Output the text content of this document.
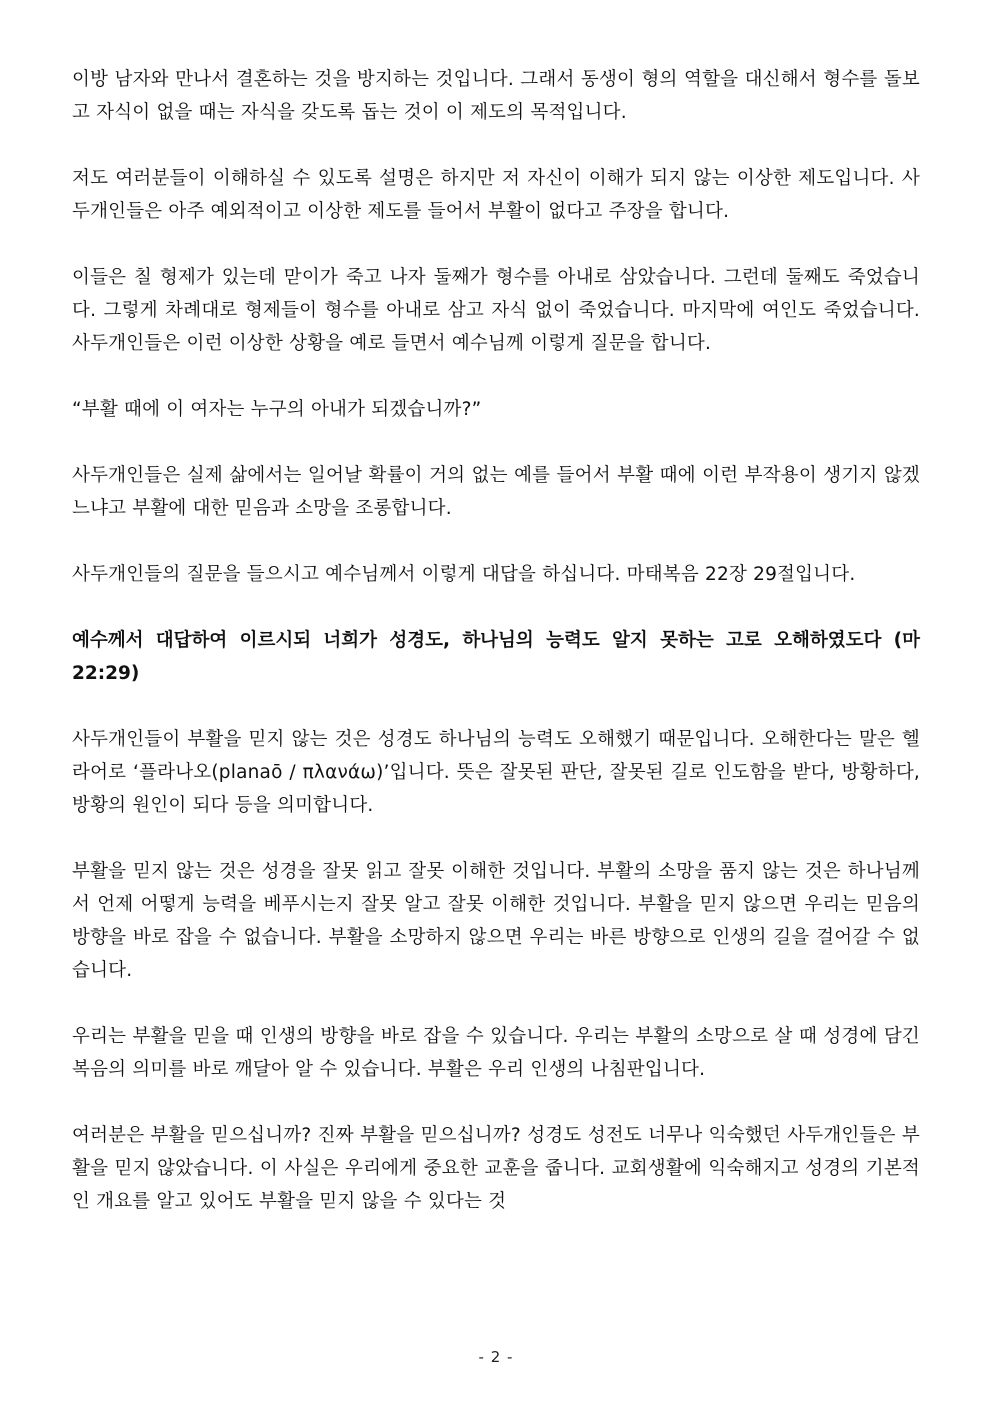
이방 남자와 만나서 결혼하는 것을 방지하는 것입니다. 그래서 동생이 형의 역할을 대신해서 형수를 돌보고 자식이 없을 때는 자식을 갖도록 돕는 것이 이 제도의 목적입니다.

저도 여러분들이 이해하실 수 있도록 설명은 하지만 저 자신이 이해가 되지 않는 이상한 제도입니다. 사두개인들은 아주 예외적이고 이상한 제도를 들어서 부활이 없다고 주장을 합니다.

이들은 칠 형제가 있는데 맏이가 죽고 나자 둘째가 형수를 아내로 삼았습니다. 그런데 둘째도 죽었습니다. 그렇게 차례대로 형제들이 형수를 아내로 삼고 자식 없이 죽었습니다. 마지막에 여인도 죽었습니다. 사두개인들은 이런 이상한 상황을 예로 들면서 예수님께 이렇게 질문을 합니다.

“부활 때에 이 여자는 누구의 아내가 되겠습니까?”

사두개인들은 실제 삶에서는 일어날 확률이 거의 없는 예를 들어서 부활 때에 이런 부작용이 생기지 않겠느냐고 부활에 대한 믿음과 소망을 조롱합니다.

사두개인들의 질문을 들으시고 예수님께서 이렇게 대답을 하십니다. 마태복음 22장 29절입니다.

예수께서 대답하여 이르시되 너희가 성경도, 하나님의 능력도 알지 못하는 고로 오해하였도다 (마 22:29)

사두개인들이 부활을 믿지 않는 것은 성경도 하나님의 능력도 오해했기 때문입니다. 오해한다는 말은 헬라어로 ‘플라나오(planaō / πλανάω)’입니다. 뜻은 잘못된 판단, 잘못된 길로 인도함을 받다, 방황하다, 방황의 원인이 되다 등을 의미합니다.

부활을 믿지 않는 것은 성경을 잘못 읽고 잘못 이해한 것입니다. 부활의 소망을 품지 않는 것은 하나님께서 언제 어떻게 능력을 베푸시는지 잘못 알고 잘못 이해한 것입니다. 부활을 믿지 않으면 우리는 믿음의 방향을 바로 잡을 수 없습니다. 부활을 소망하지 않으면 우리는 바른 방향으로 인생의 길을 걸어갈 수 없습니다.

우리는 부활을 믿을 때 인생의 방향을 바로 잡을 수 있습니다. 우리는 부활의 소망으로 살 때 성경에 담긴 복음의 의미를 바로 깨달아 알 수 있습니다. 부활은 우리 인생의 나침판입니다.

여러분은 부활을 믿으십니까? 진짜 부활을 믿으십니까? 성경도 성전도 너무나 익숙했던 사두개인들은 부활을 믿지 않았습니다. 이 사실은 우리에게 중요한 교훈을 줍니다. 교회생활에 익숙해지고 성경의 기본적인 개요를 알고 있어도 부활을 믿지 않을 수 있다는 것

- 2 -
